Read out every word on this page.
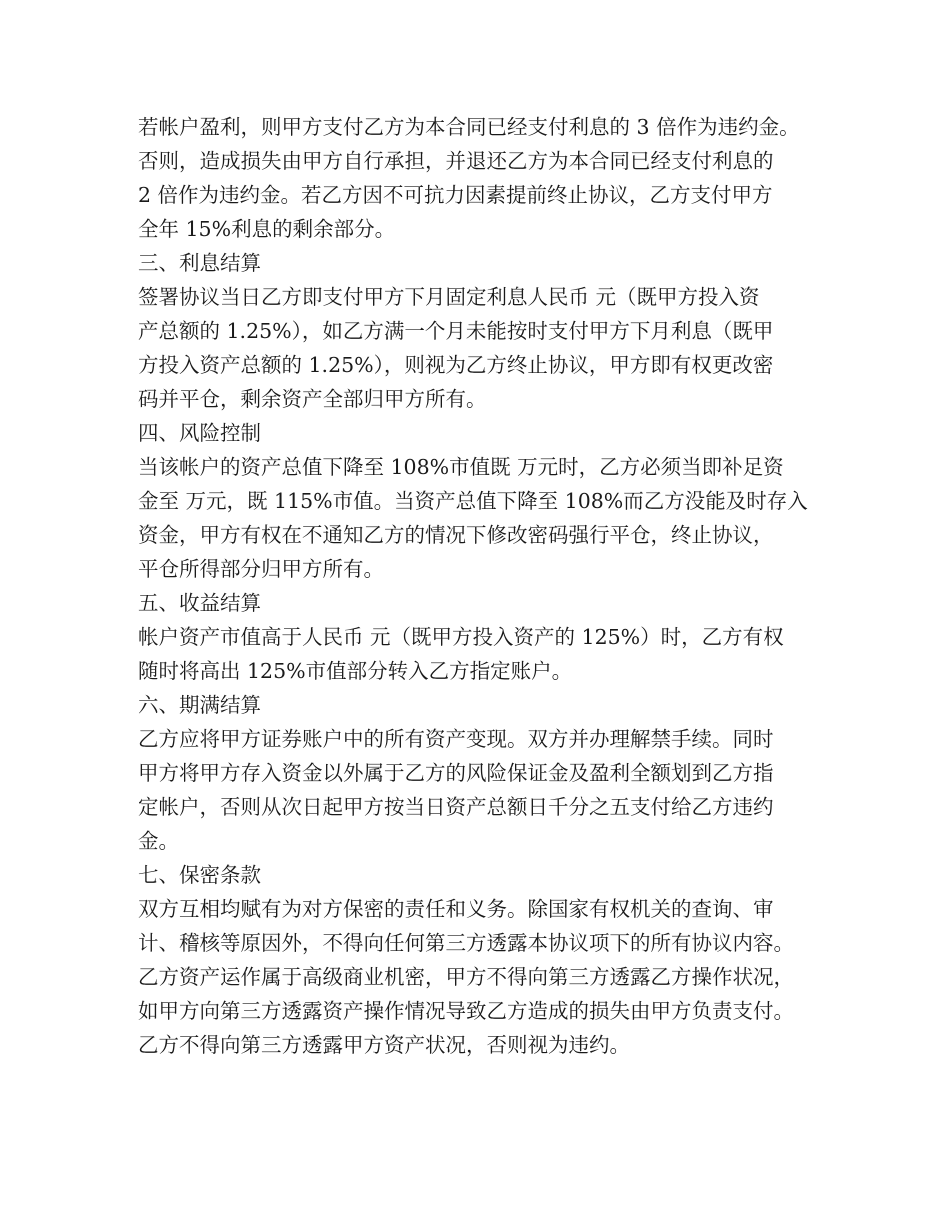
若帐户盈利，则甲方支付乙方为本合同已经支付利息的 3 倍作为违约金。
否则，造成损失由甲方自行承担，并退还乙方为本合同已经支付利息的
2 倍作为违约金。若乙方因不可抗力因素提前终止协议，乙方支付甲方
全年 15%利息的剩余部分。
三、利息结算
签署协议当日乙方即支付甲方下月固定利息人民币 元（既甲方投入资
产总额的 1.25%），如乙方满一个月未能按时支付甲方下月利息（既甲
方投入资产总额的 1.25%），则视为乙方终止协议，甲方即有权更改密
码并平仓，剩余资产全部归甲方所有。
四、风险控制
当该帐户的资产总值下降至 108%市值既 万元时，乙方必须当即补足资
金至 万元，既 115%市值。当资产总值下降至 108%而乙方没能及时存入
资金，甲方有权在不通知乙方的情况下修改密码强行平仓，终止协议，
平仓所得部分归甲方所有。
五、收益结算
帐户资产市值高于人民币 元（既甲方投入资产的 125%）时，乙方有权
随时将高出 125%市值部分转入乙方指定账户。
六、期满结算
乙方应将甲方证券账户中的所有资产变现。双方并办理解禁手续。同时
甲方将甲方存入资金以外属于乙方的风险保证金及盈利全额划到乙方指
定帐户，否则从次日起甲方按当日资产总额日千分之五支付给乙方违约
金。
七、保密条款
双方互相均赋有为对方保密的责任和义务。除国家有权机关的查询、审
计、稽核等原因外，不得向任何第三方透露本协议项下的所有协议内容。
乙方资产运作属于高级商业机密，甲方不得向第三方透露乙方操作状况，
如甲方向第三方透露资产操作情况导致乙方造成的损失由甲方负责支付。
乙方不得向第三方透露甲方资产状况，否则视为违约。
